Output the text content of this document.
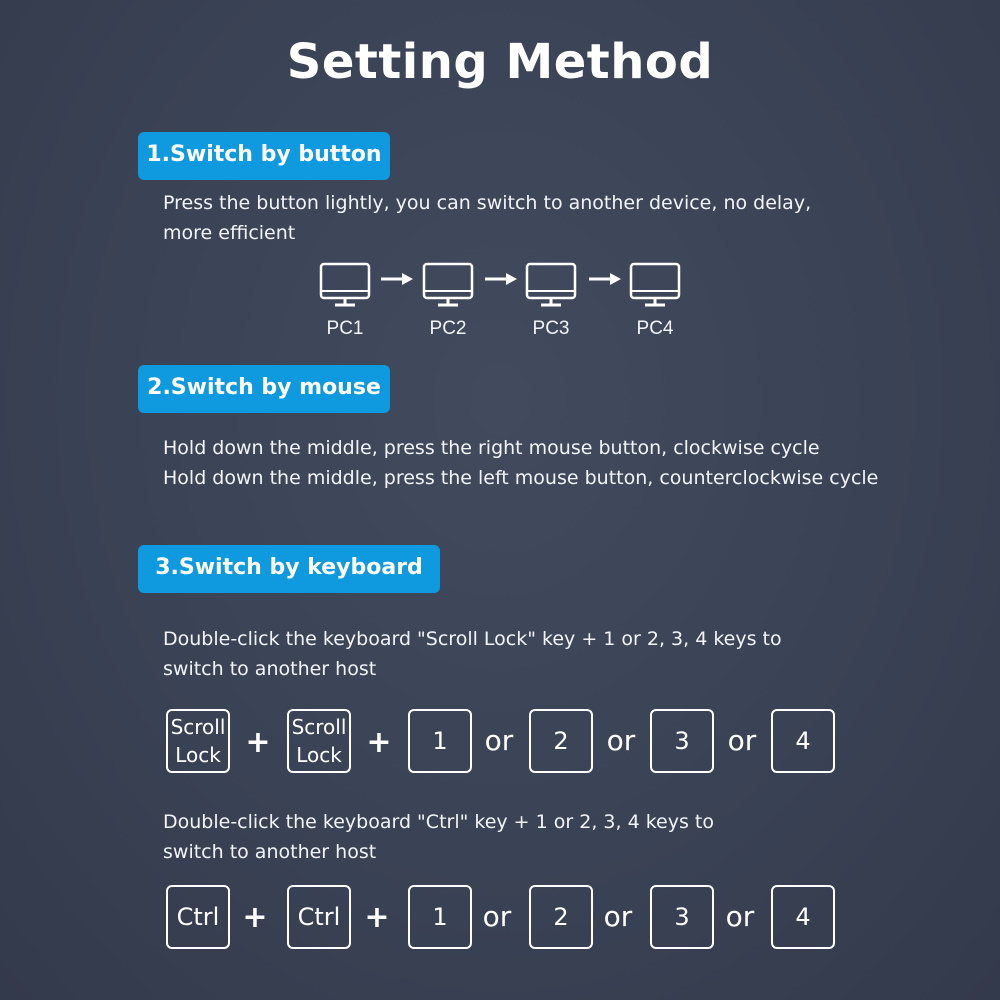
Setting Method
1.Switch by button
Press the button lightly, you can switch to another device, no delay,
more efficient
PC1	PC2	PC3	PC4
2.Switch by mouse
Hold down the middle, press the right mouse button, clockwise cycle
Hold down the middle, press the left mouse button, counterclockwise cycle
3.Switch by keyboard
Double-click the keyboard "Scroll Lock" key + 1 or 2, 3, 4 keys to
switch to another host
Scroll
Lock + Scroll
Lock +	1	or	2	or	3	or	4
Double-click the keyboard "Ctrl" key + 1 or 2, 3, 4 keys to
switch to another host
Ctrl +	Ctrl +	1	or	2	or	3	or	4
